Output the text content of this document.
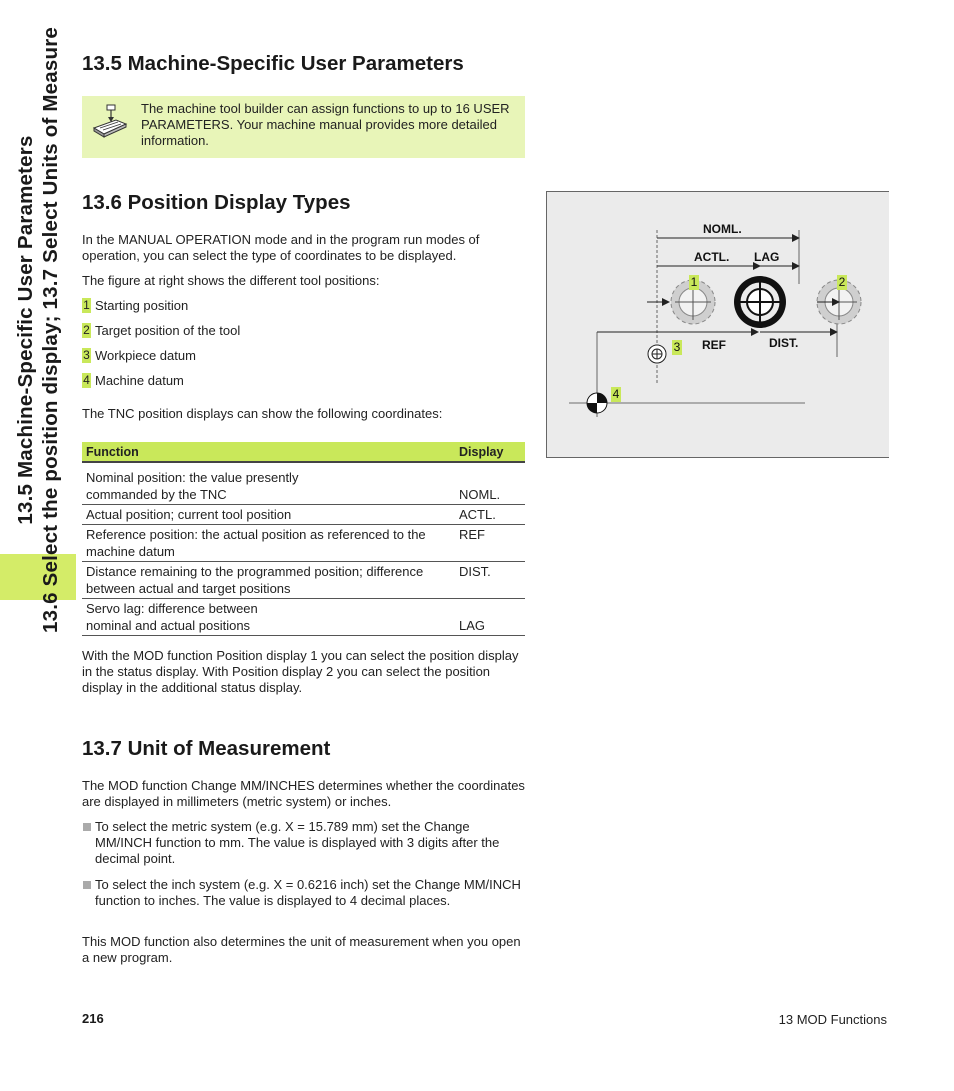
13.5 Machine-Specific User Parameters 13.6 Select the position display; 13.7 Select Units of Measure 13.5 Machine-Specific User Parameters
The machine tool builder can assign functions to up to 16 USER PARAMETERS. Your machine manual provides more detailed information.
13.6 Position Display Types

In the MANUAL OPERATION mode and in the program run modes of operation, you can select the type of coordinates to be displayed.

The figure at right shows the different tool positions:

1 Starting position
2 Target position of the tool
3 Workpiece datum
4 Machine datum

The TNC position displays can show the following coordinates:

Function	Display
Nominal position: the value presently commanded by the TNC	NOML.
Actual position; current tool position	ACTL.
Reference position: the actual position as referenced to the machine datum	REF
Distance remaining to the programmed position; difference between actual and target positions	DIST.
Servo lag: difference between nominal and actual positions	LAG

With the MOD function Position display 1 you can select the position display in the status display. With Position display 2 you can select the position display in the additional status display.

NOML.
ACTL. LAG
REF	DIST.
1	2
3
4
13.7 Unit of Measurement

The MOD function Change MM/INCHES determines whether the coordinates are displayed in millimeters (metric system) or inches.

To select the metric system (e.g. X = 15.789 mm) set the Change MM/INCH function to mm. The value is displayed with 3 digits after the decimal point.
To select the inch system (e.g. X = 0.6216 inch) set the Change MM/INCH function to inches. The value is displayed to 4 decimal places.

This MOD function also determines the unit of measurement when you open a new program.

216	13 MOD Functions
